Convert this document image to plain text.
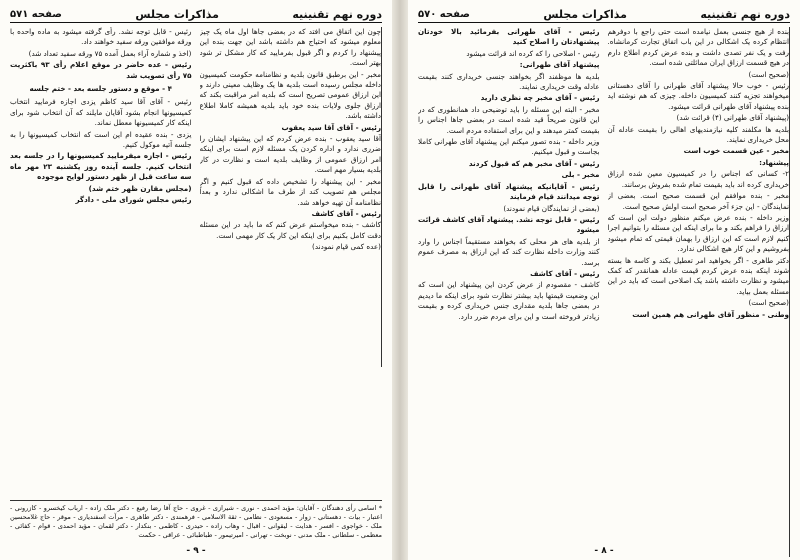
دوره نهم تقنینیه
مذاکرات مجلس
صفحه ۵۷۱

چون این اتفاق می افتد که در بعضی جاها اول ماه یک چیز معلوم میشود که احتیاج هم داشته باشد این جهت بنده این پیشنهاد را کردم و اگر قبول بفرمایید که کار مشکل تر شود بهتر است.

مخبر - این برطبق قانون بلدیه و نظامنامه حکومت کمیسیون داخله مجلس رسیده است بلدیه ها یک وظایف معینی دارند و این ارزاق عمومی تصریح است که بلدیه امر مراقبت بکند که ارزاق جلوی ولایات بنده خود باید بلدیه همیشه کاملا اطلاع داشته باشد.

رئیس - آقای آقا سید یعقوب

آقا سید یعقوب - بنده عرض کردم که این پیشنهاد ایشان را ضرری ندارد و اداره کردن یک مسئله لازم است برای اینکه امر ارزاق عمومی از وظایف بلدیه است و نظارت در کار بلدیه بسیار مهم است.

مخبر - این پیشنهاد را تشخیص داده که قبول کنیم و اگر مجلس هم تصویب کند از طرف ما اشکالی ندارد و بعداً نظامنامه آن تهیه خواهد شد.

رئیس - آقای کاشف

کاشف - بنده میخواستم عرض کنم که ما باید در این مسئله دقت کامل بکنیم برای اینکه این کار یک کار مهمی است.

(عده کمی قیام نمودند)

رئیس - قابل توجه نشد. رأی گرفته میشود به ماده واحده با ورقه موافقین ورقه سفید خواهند داد.

(اخذ و شماره آراء بعمل آمده ۷۵ ورقه سفید تعداد شد)

رئیس - عده حاضر در موقع اعلام رأی ۹۳ باکثریت ۷۵ رأی تصویب شد

۴ - موقع و دستور جلسه بعد - ختم جلسه

رئیس - آقای آقا سید کاظم یزدی اجازه فرمایید انتخاب کمیسیونها انجام بشود آقایان مایلند که آن انتخاب شود برای اینکه کار کمیسیونها معطل نماند.

یزدی - بنده عقیده ام این است که انتخاب کمیسیونها را به جلسه آتیه موکول کنیم.

رئیس - اجازه میفرمایید کمیسیونها را در جلسه بعد انتخاب کنیم. جلسه آینده روز یکشنبه ۲۳ مهر ماه سه ساعت قبل از ظهر دستور لوایح موجوده

(مجلس مقارن ظهر ختم شد)

رئیس مجلس شورای ملی - دادگر

* اسامی رأی دهندگان - آقایان: مؤید احمدی - نوری - شیرازی - غروی - حاج آقا رضا رفیع - دکتر ملک زاده - ارباب کیخسرو - کازرونی - اعتبار - بیات - دهستانی - زوار - مسعودی - نظامی - ثقة الاسلامی - فرهمندی - دکتر طاهری - مرآت اسفندیاری - موقر - حاج غلامحسین ملک - خواجوی - افسر - هدایت - لیقوانی - اقبال - وهاب زاده - حیدری - کاظمی - بنکدار - دکتر لقمان - مؤید احمدی - قوام - کفائی - معظمی - سلطانی - ملک مدنی - نوبخت - تهرانی - امیرتیمور - طباطبائی - عراقی - حکمت
- ۹ -
دوره نهم تقنینیه
مذاکرات مجلس
صفحه ۵۷۰

بنده از هیچ جنسی بعمل نیامده است حتی راجع با دوفرهم انتظام کرده یک اشکالی در این باب اتفاق تجارت کرمانشاه. رفت و یک نفر تصدی داشت و بنده عرض کردم اطلاع دارم در هیچ قسمت ارزاق ایران مماثلتی شده است.

(صحیح است)

رئیس - خوب حالا پیشنهاد آقای طهرانی را آقای دهستانی میخواهند تجزیه کنند کمیسیون داخله. چیزی که هم نوشته اید بنده پیشنهاد آقای طهرانی قرائت میشود.

(پیشنهاد آقای طهرانی (۴) قرائت شد)

بلدیه ها مکلفند کلیه نیازمندیهای اهالی را بقیمت عادله آن محل خریداری نمایند.

مخبر - عین قسمت خوب است

پیشنهاد:

۲- کسانی که اجناس را در کمیسیون معین شده ارزاق خریداری کرده اند باید بقیمت تمام شده بفروش برسانند.

مخبر - بنده موافقم این قسمت صحیح است. بعضی از نمایندگان - این جزء آخر صحیح است اولش صحیح است.

وزیر داخله - بنده عرض میکنم منظور دولت این است که ارزاق را فراهم بکند و ما برای اینکه این مسئله را بتوانیم اجرا کنیم لازم است که این ارزاق را بهمان قیمتی که تمام میشود بفروشیم و این کار هیچ اشکالی ندارد.

دکتر طاهری - اگر بخواهید امر تعطیل بکند و کاسه ها بسته شوند اینکه بنده عرض کردم قیمت عادله همانقدر که کمک میشود و نظارت داشته باشد یک اصلاحی است که باید در این مسئله بعمل بیاید.

(صحیح است)

وطنی - منظور آقای طهرانی هم همین است

رئیس - آقای طهرانی بفرمائید بالا خودتان پیشنهادتان را اصلاح کنید

رئیس - اصلاحی را که کرده اند قرائت میشود

پیشنهاد آقای طهرانی:

بلدیه ها موظفند اگر بخواهند جنسی خریداری کنند بقیمت عادله وقت خریداری نمایند.

رئیس - آقای مخبر چه نظری دارید

مخبر - البته این مسئله را باید توضیحی داد همانطوری که در این قانون صریحاً قید شده است در بعضی جاها اجناس را بقیمت کمتر میدهند و این برای استفاده مردم است.

وزیر داخله - بنده تصور میکنم این پیشنهاد آقای طهرانی کاملا بجاست و قبول میکنیم.

رئیس - آقای مخبر هم که قبول کردند

مخبر - بلی

رئیس - آقایانیکه پیشنهاد آقای طهرانی را قابل توجه میدانند قیام فرمایند

(بعضی از نمایندگان قیام نمودند)

رئیس - قابل توجه نشد. پیشنهاد آقای کاشف قرائت میشود

از بلدیه های هر محلی که بخواهند مستقیماً اجناس را وارد کنند وزارت داخله نظارت کند که این ارزاق به مصرف عموم برسد.

رئیس - آقای کاشف

کاشف - مقصودم از عرض کردن این پیشنهاد این است که این وضعیت قیمتها باید بیشتر نظارت شود برای اینکه ما دیدیم در بعضی جاها بلدیه مقداری جنس خریداری کرده و بقیمت زیادتر فروخته است و این برای مردم ضرر دارد.

- ۸ -
